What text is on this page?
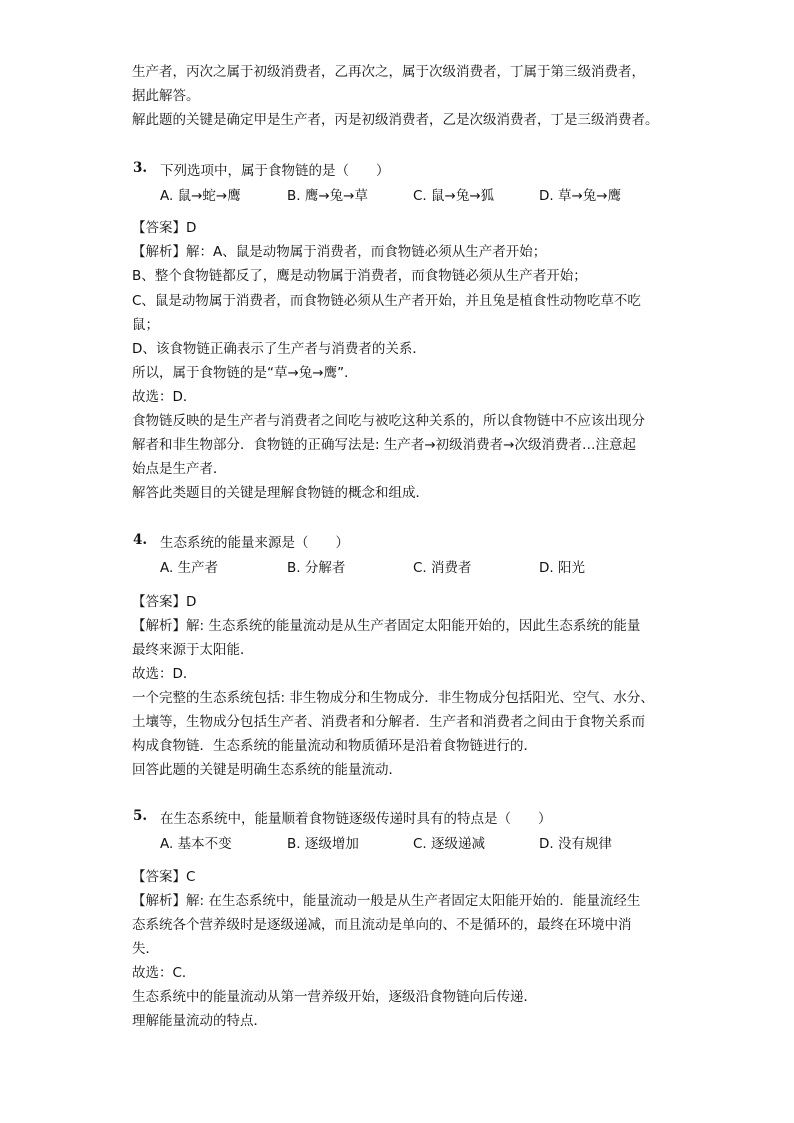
生产者，丙次之属于初级消费者，乙再次之，属于次级消费者，丁属于第三级消费者，
据此解答。
解此题的关键是确定甲是生产者，丙是初级消费者，乙是次级消费者，丁是三级消费者。
3. 下列选项中，属于食物链的是（　　）
A. 鼠→蛇→鹰	B. 鹰→兔→草	C. 鼠→兔→狐	D. 草→兔→鹰
【答案】D
【解析】解：A、鼠是动物属于消费者，而食物链必须从生产者开始；
B、整个食物链都反了，鹰是动物属于消费者，而食物链必须从生产者开始；
C、鼠是动物属于消费者，而食物链必须从生产者开始，并且兔是植食性动物吃草不吃
鼠；
D、该食物链正确表示了生产者与消费者的关系．
所以，属于食物链的是“草→兔→鹰”．
故选：D．
食物链反映的是生产者与消费者之间吃与被吃这种关系的，所以食物链中不应该出现分
解者和非生物部分．食物链的正确写法是: 生产者→初级消费者→次级消费者…注意起
始点是生产者．
解答此类题目的关键是理解食物链的概念和组成．
4. 生态系统的能量来源是（　　）
A. 生产者	B. 分解者	C. 消费者	D. 阳光
【答案】D
【解析】解: 生态系统的能量流动是从生产者固定太阳能开始的，因此生态系统的能量
最终来源于太阳能．
故选：D．
一个完整的生态系统包括: 非生物成分和生物成分．非生物成分包括阳光、空气、水分、
土壤等，生物成分包括生产者、消费者和分解者．生产者和消费者之间由于食物关系而
构成食物链．生态系统的能量流动和物质循环是沿着食物链进行的．
回答此题的关键是明确生态系统的能量流动．
5. 在生态系统中，能量顺着食物链逐级传递时具有的特点是（　　）
A. 基本不变	B. 逐级增加	C. 逐级递减	D. 没有规律
【答案】C
【解析】解: 在生态系统中，能量流动一般是从生产者固定太阳能开始的．能量流经生
态系统各个营养级时是逐级递减，而且流动是单向的、不是循环的，最终在环境中消
失．
故选：C．
生态系统中的能量流动从第一营养级开始，逐级沿食物链向后传递．
理解能量流动的特点．
